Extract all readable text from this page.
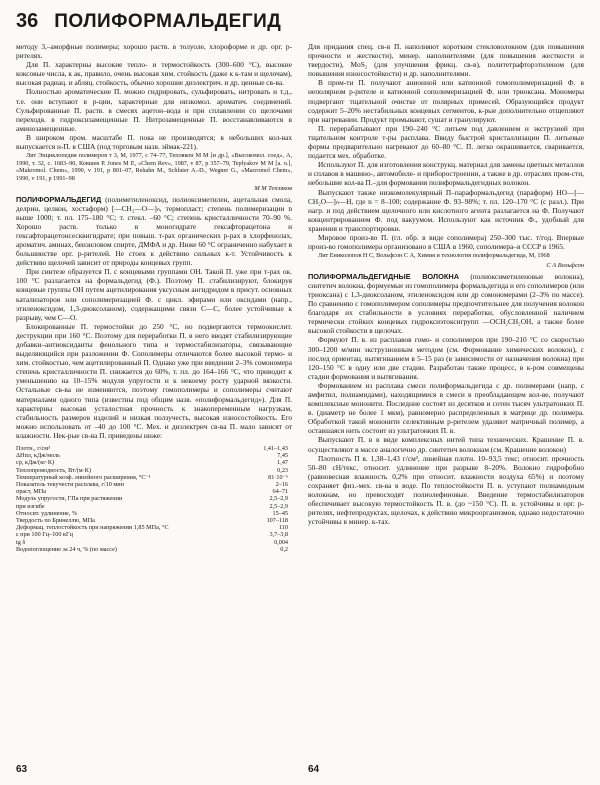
36 ПОЛИФОРМАЛЬДЕГИД

методу 3,–аморфные полимеры; хорошо раств. в толуоле, хлороформе и др. орг. р-рителях.

Для П. характерны высокие тепло- и термостойкость (300–600 °С), высокие коксовые числа, к ак, правило, очень высокая хим. стойкость (даже к к-там и щелочам), высокая радиац. и абляц. стойкость, обычно хорошие диэлектрич. и др. ценные св-ва.

Полностью ароматические П. можно гидрировать, сульфировать, нитровать и т.д., т.е. они вступают в р-ции, характерные для низкомол. ароматич. соединений. Сульфированные П. раств. в смесях ацетон–вода и при сплавлении со щелочами переходя. в гидроксизамещенные П. Нитрозамещенные П. восстанавливаются в аминозамещенные.

В широком пром. масштабе П. пока не производятся; в небольших кол-вах выпускается н-П. в США (под торговым назв. эймак-221).

Лит Энциклопедия полимеров т 3, М, 1977, с 74–77, Теплякон М М [и др.], «Высокомол. соед», А, 1990, т. 32, с. 1683–90, Ковшев Р. Jones M E, «Chem Rev», 1987, v 87, p 357–79, Teplyakov M M [a. o.], «Makromol. Chem», 1990, v 191, p 801–07, Rehahn M., Schluter A.-D., Wegner G., «Macromol Chem», 1990, v 191, p 1991–98
М М Тепляков

ПОЛИФОРМАЛЬДЕГИД (полиметиленоксид, полиоксиметилен, ацетальная смола, делрин, целкон, хостаформ) [—CH₂—O—]ₙ, термопласт; степень полимеризации n выше 1000; т. пл. 175–180 °С; т. стекл. –60 °С; степень кристалличности 70–90 %. Хорошо раств. только в моногидрате гексафторацетона и гексафторацетонсесквигидрате; при повыш. т-рах органических р-рах в хлорфенолах, ароматич. аминах, бензиловом спирте, ДМФА и др. Ниже 60 °С ограниченно набухает в большинстве орг. р-рителей. Не стоек к действию сильных к-т. Устойчивость к действию щелочей зависит от природы концевых групп.

При синтезе образуется П. с концевыми группами ОН. Такой П. уже при т-рах ок. 100 °С разлагается на формальдегид (Ф.). Поэтому П. стабилизируют, блокируя концевые группы ОН путем ацетилирования уксусным ангидридом в присут. основных катализаторов или сополимеризацией Ф. с цикл. эфирами или оксидами (напр., этиленоксидом, 1,3-диоксоланом), содержащими связи С—С, более устойчивые к разрыву, чем С—О.

Блокированные П. термостойки до 250 °С, но подвергаются термоокислит. деструкции при 160 °С. Поэтому для переработки П. в него вводят стабилизирующие добавки–антиоксиданты фенольного типа и термостабилизаторы, связывающие выделяющийся при разложении Ф. Сополимеры отличаются более высокой термо- и хим. стойкостью, чем ацетилированный П. Однако уже при введении 2–3% сомономера степень кристалличности П. снижается до 60%, т. пл. до 164–166 °С, что приводит к уменьшению на 10–15% модуля упругости и к некоему росту ударной вязкости. Остальные св-ва не изменяются, поэтому гомополимеры и сополимеры считают материалами одного типа (известны под общим назв. «полиформальдегид»). Для П. характерны высокая усталостная прочность к знакопеременным нагрузкам, стабильность размеров изделий и низкая ползучесть, высокая износостойкость. Его можно использовать от –40 до 100 °С. Мех. и диэлектрич св-ва П. мало зависят от влажности. Нек-рые св-ва П. приведены ниже:

Плотн., г/см³	1,41–1,43
ΔHпл, кДж/моль	7,45
cp, кДж/(кг·К)	1,47
Теплопроводность, Вт/(м·К)	0,23
Температурный коэф. линейного расширения, °С⁻¹	81·10⁻⁶
Показатель текучести расплава, г/10 мин	2–16
σраст, МПа	64–71
Модуль упругости, ГПа при растяжении	2,5–2,9
при изгибе	2,5–2,9
Относит. удлинение, %	15–45
Твердость по Бринеллю, МПа	107–118
Деформац. теплостойкость при напряжении 1,85 МПа, °С	110
ε при 100 Гц–100 кГц	3,7–3,8
tg δ	0,004
Водопоглощение за 24 ч, % (по массе)	0,2

Для придания спец. св-в П. наполняют коротким стекловолокном (для повышения прочности и жесткости), минер. наполнителями (для повышения жесткости и твердости), MoS₂ (для улучшения фрикц. св-в), политетрафторэтиленом (для повышения износостойкости) и др. наполнителями.

В пром-ти П. получают анионной или катионной гомополимеризацией Ф. в неполярном р-рителе и катионной сополимеризацией Ф. или триоксана. Мономеры подвергают тщательной очистке от полярных примесей. Образующийся продукт содержит 5–20% нестабильных концевых сегментов, к-рые дополнительно отщепляют при нагревании. Продукт промывают, сушат и гранулируют.

П. перерабатывают при 190–240 °С литьем под давлением и экструзией при тщательном контроле т-ры расплава. Ввиду быстрой кристаллизации П. литьевые формы предварительно нагревают до 60–80 °С. П. легко окрашивается, сваривается, подается мех. обработке.

Используют П. для изготовления конструкц. материал для замены цветных металлов и сплавов в машино-, автомобиле- и приборостроении, а также в др. отраслях пром-сти, небольшие кол-ва П.–для формования полиформальдегидных волокон.

Выпускают также низкомолекулярный П–параформальдегид (параформ) HO—[—CH₂O—]ₙ—H, где n = 8–100; содержание Ф. 93–98%; т. пл. 120–170 °С (с разл.). При нагр. и под действием щелочного или кислотного агента разлагается на Ф. Получают концентрированием Ф. под вакуумом. Используют как источник Ф., удобный для хранения и транспортировки.

Мировое произ-во П. (гл. обр. в виде сополимера) 250–300 тыс. т/год. Впервые произ-во гомополимера организовано в США в 1960, сополимера–в СССР в 1965.

Лит Ениколопов Н С, Вольфсон С А, Химия и технология полиформальдегида, М, 1968
С А Вольфсон

ПОЛИФОРМАЛЬДЕГИДНЫЕ ВОЛОКНА (полиоксиметиленовые волокна), синтетич волокна, формуемые из гомополимера формальдегида и его сополимеров (или триоксана) с 1,3-диоксоланом, этиленоксидом или др сомономерами (2–3% по массе). По сравнению с гомополимером сополимеры предпочтительнее для получения волокон благодаря их стабильности в условиях переработки, обусловленной наличием термически стойких концевых гидроксиэтоксигрупп —OCH₂CH₂OH, а также более высокой стойкости в щелочах.

Формуют П. в. из расплавов гомо- и сополимеров при 190–210 °С со скоростью 300–1200 м/мин экструзионным методом (см. Формование химических волокон), с послед ориентац. вытягиванием в 5–15 раз (в зависимости от назначения волокна) при 120–150 °С в одну или две стадии. Разработан также процесс, в к-ром совмещены стадии формования и вытягивания.

Формованием из расплава смеси полиформальдегида с др. полимерами (напр, с амфитил, полиамидами), находящимися в смеси в преобладающем кол-ве, получают комплексные мононити. Последние состоят из десятков и сотен тысяч ультратонких П. в. (диаметр не более 1 мкм), равномерно распределенных в матрице др. полимера. Обработкой такой мононити селективным р-рителем удаляют матричный полимер, а оставшаяся нить состоит из ультратонких П. в.

Выпускают П. в в виде комплексных нитей типа технических. Крашение П. в. осуществляют в массе аналогично др. синтетич волокнам (см. Крашение волокон)

Плотность П в. 1,38–1,43 г/см³, линейная плотн. 10–93,5 текс; относит. прочность 50–80 сН/текс, относит. удлинение при разрыве 8–20%. Волокно гидрофобно (равновесная влажность 0,2% при относит. влажности воздуха 65%) и поэтому сохраняет физ.-мех. св-ва в воде. По теплостойкости П. в. уступают полиамидным волокнам, но превосходят полиолефиновые. Введение термостабилизаторов обеспечивает высокую термостойкость П. в. (до ~150 °С). П. в. устойчивы в орг. р-рителях, нефтепродуктах, щелочах, к действию микроорганизмов, однако недостаточно устойчивы в минер. к-тах.

63	64
